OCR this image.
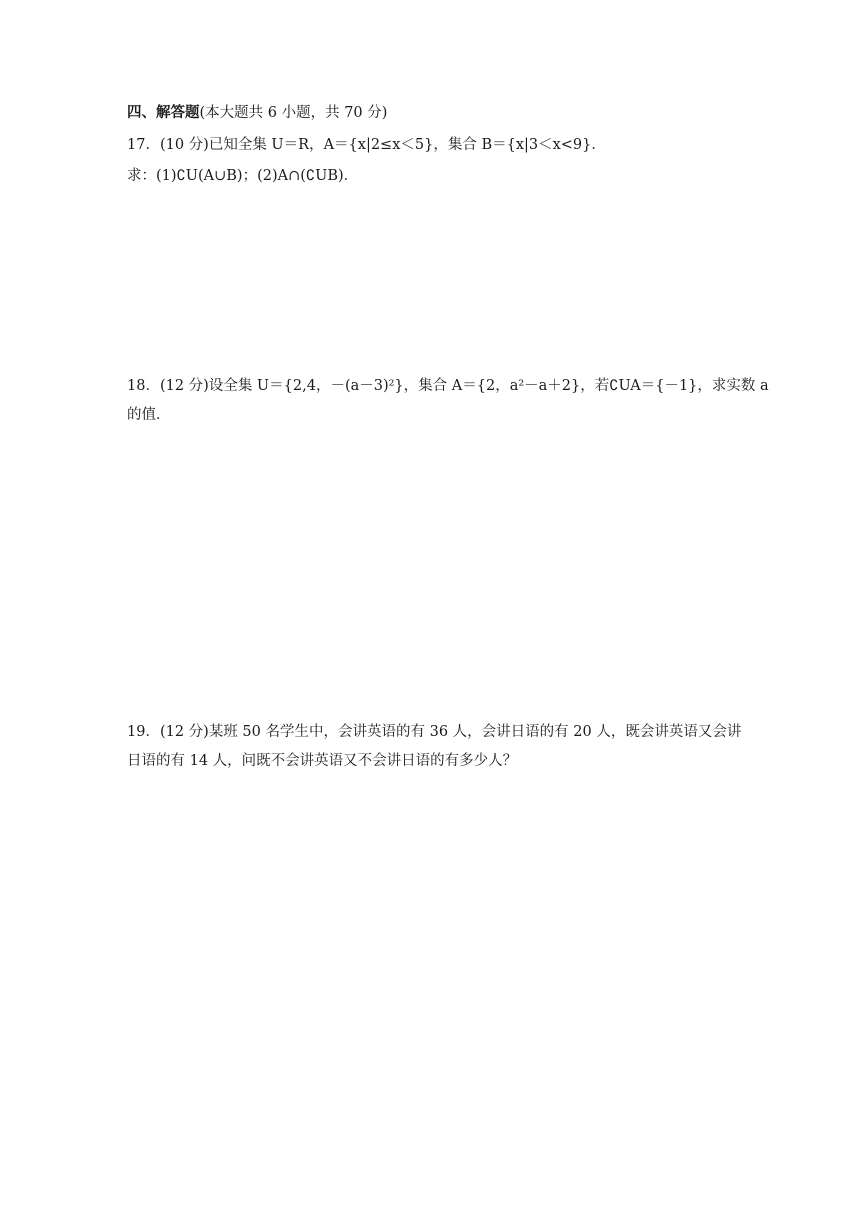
四、解答题(本大题共 6 小题，共 70 分)
17．(10 分)已知全集 U＝R，A＝{x|2≤x＜5}，集合 B＝{x|3＜x<9}．
求：(1)∁U(A∪B)；(2)A∩(∁UB)．
18．(12 分)设全集 U＝{2,4，－(a－3)²}，集合 A＝{2，a²－a＋2}，若∁UA＝{－1}，求实数 a
的值．
19．(12 分)某班 50 名学生中，会讲英语的有 36 人，会讲日语的有 20 人，既会讲英语又会讲
日语的有 14 人，问既不会讲英语又不会讲日语的有多少人？
